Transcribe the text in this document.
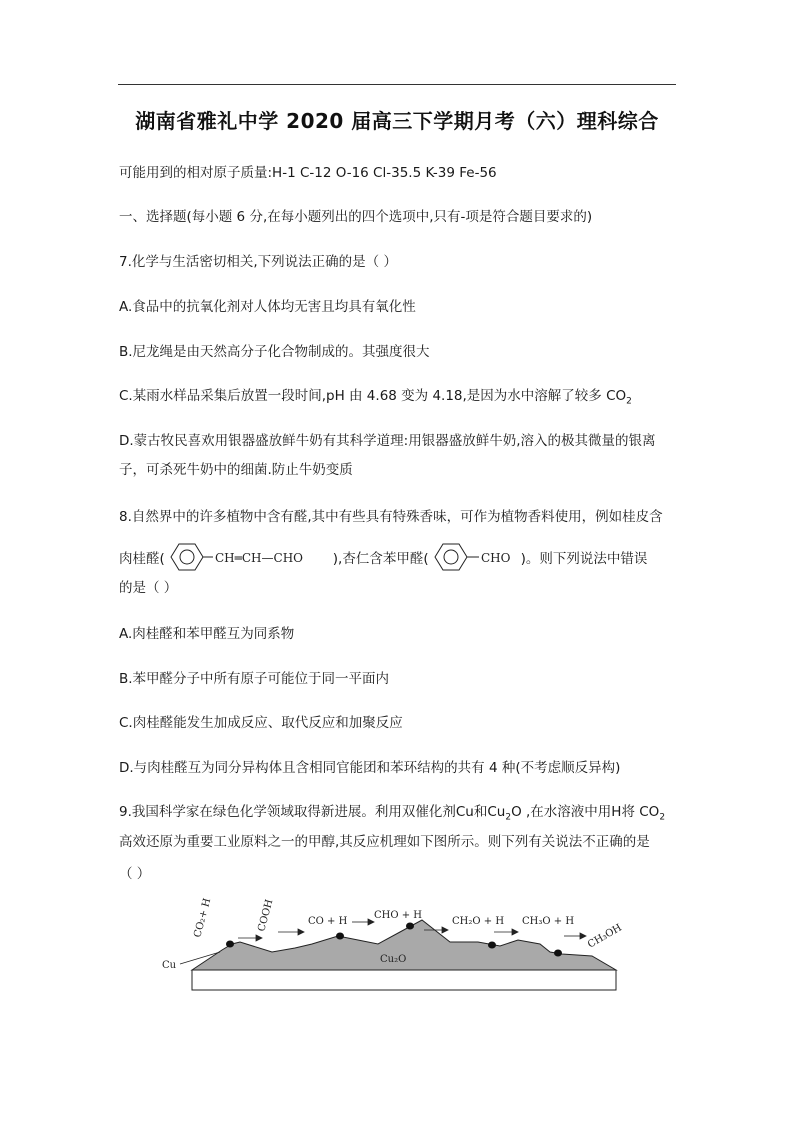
湖南省雅礼中学 2020 届高三下学期月考（六）理科综合
可能用到的相对原子质量:H-1 C-12 O-16 Cl-35.5 K-39 Fe-56
一、选择题(每小题 6 分,在每小题列出的四个选项中,只有-项是符合题目要求的)
7.化学与生活密切相关,下列说法正确的是（ ）
A.食品中的抗氧化剂对人体均无害且均具有氧化性
B.尼龙绳是由天然高分子化合物制成的。其强度很大
C.某雨水样品采集后放置一段时间,pH 由 4.68 变为 4.18,是因为水中溶解了较多 $CO_2$
D.蒙古牧民喜欢用银器盛放鲜牛奶有其科学道理:用银器盛放鲜牛奶,溶入的极其微量的银离
子，可杀死牛奶中的细菌.防止牛奶变质
8.自然界中的许多植物中含有醛,其中有些具有特殊香味，可作为植物香料使用，例如桂皮含
肉桂醛(	CH═CH—CHO ),杏仁含苯甲醛(	CHO )。则下列说法中错误
的是（ ）
A.肉桂醛和苯甲醛互为同系物
B.苯甲醛分子中所有原子可能位于同一平面内
C.肉桂醛能发生加成反应、取代反应和加聚反应
D.与肉桂醛互为同分异构体且含相同官能团和苯环结构的共有 4 种(不考虑顺反异构)
9.我国科学家在绿色化学领域取得新进展。利用双催化剂Cu和$Cu_2O$ ,在水溶液中用H将 $CO_2$
高效还原为重要工业原料之一的甲醇,其反应机理如下图所示。则下列有关说法不正确的是
（ ）
Cu
Cu₂O
CO₂+ H	COOH	CO + H
CHO + H
CH₂O + H CH₃O + H
CH₃OH
